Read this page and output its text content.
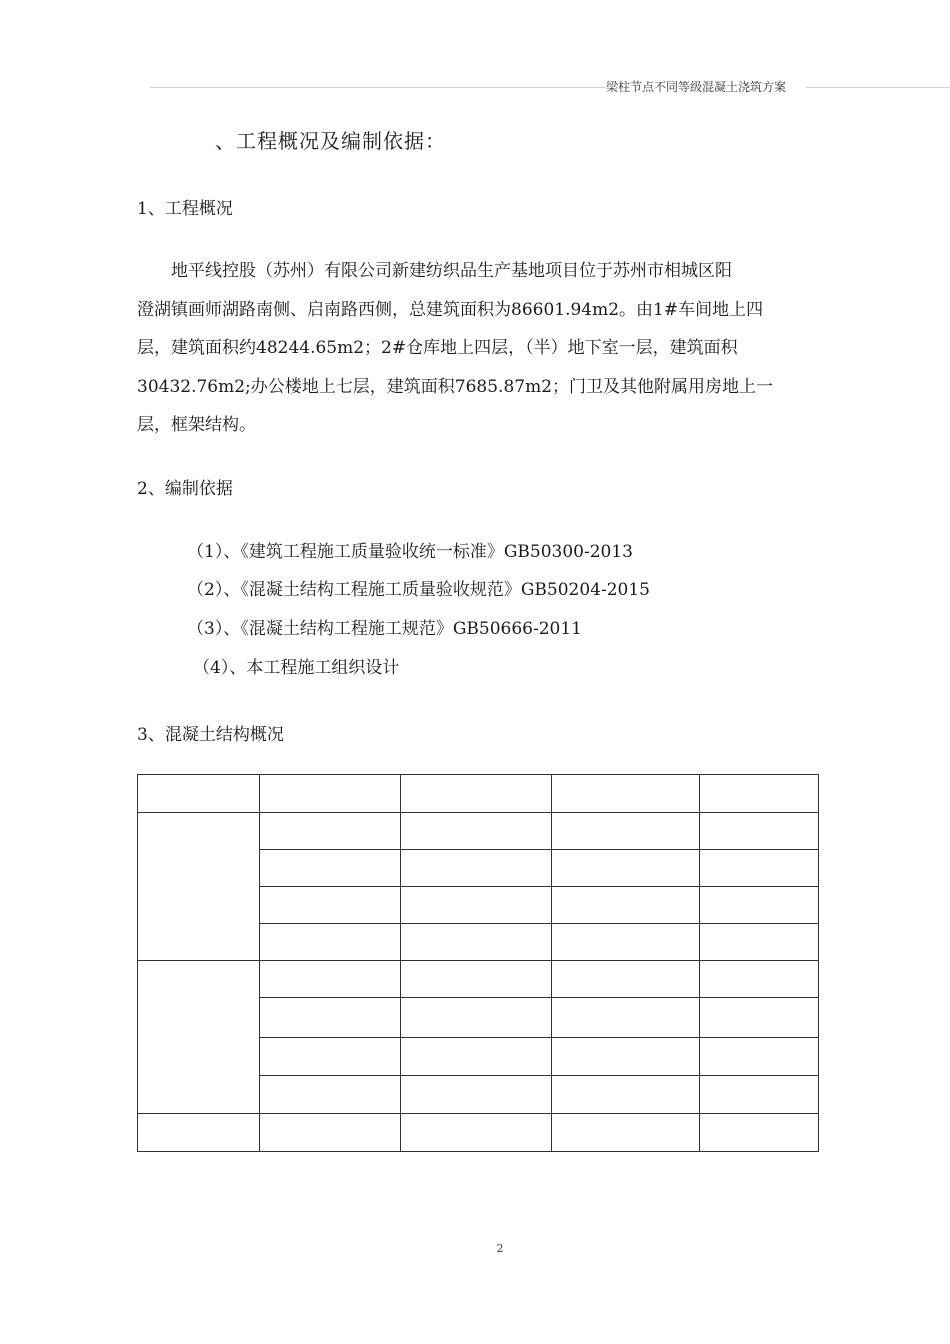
梁柱节点不同等级混凝土浇筑方案
、工程概况及编制依据：
1、工程概况
地平线控股（苏州）有限公司新建纺织品生产基地项目位于苏州市相城区阳
澄湖镇画师湖路南侧、启南路西侧，总建筑面积为86601.94m2。由1#车间地上四
层，建筑面积约48244.65m2；2#仓库地上四层，（半）地下室一层，建筑面积
30432.76m2;办公楼地上七层，建筑面积7685.87m2；门卫及其他附属用房地上一
层，框架结构。
2、编制依据
（1）、《建筑工程施工质量验收统一标准》GB50300-2013
（2）、《混凝土结构工程施工质量验收规范》GB50204-2015
（3）、《混凝土结构工程施工规范》GB50666-2011
（4）、本工程施工组织设计
3、混凝土结构概况

2
